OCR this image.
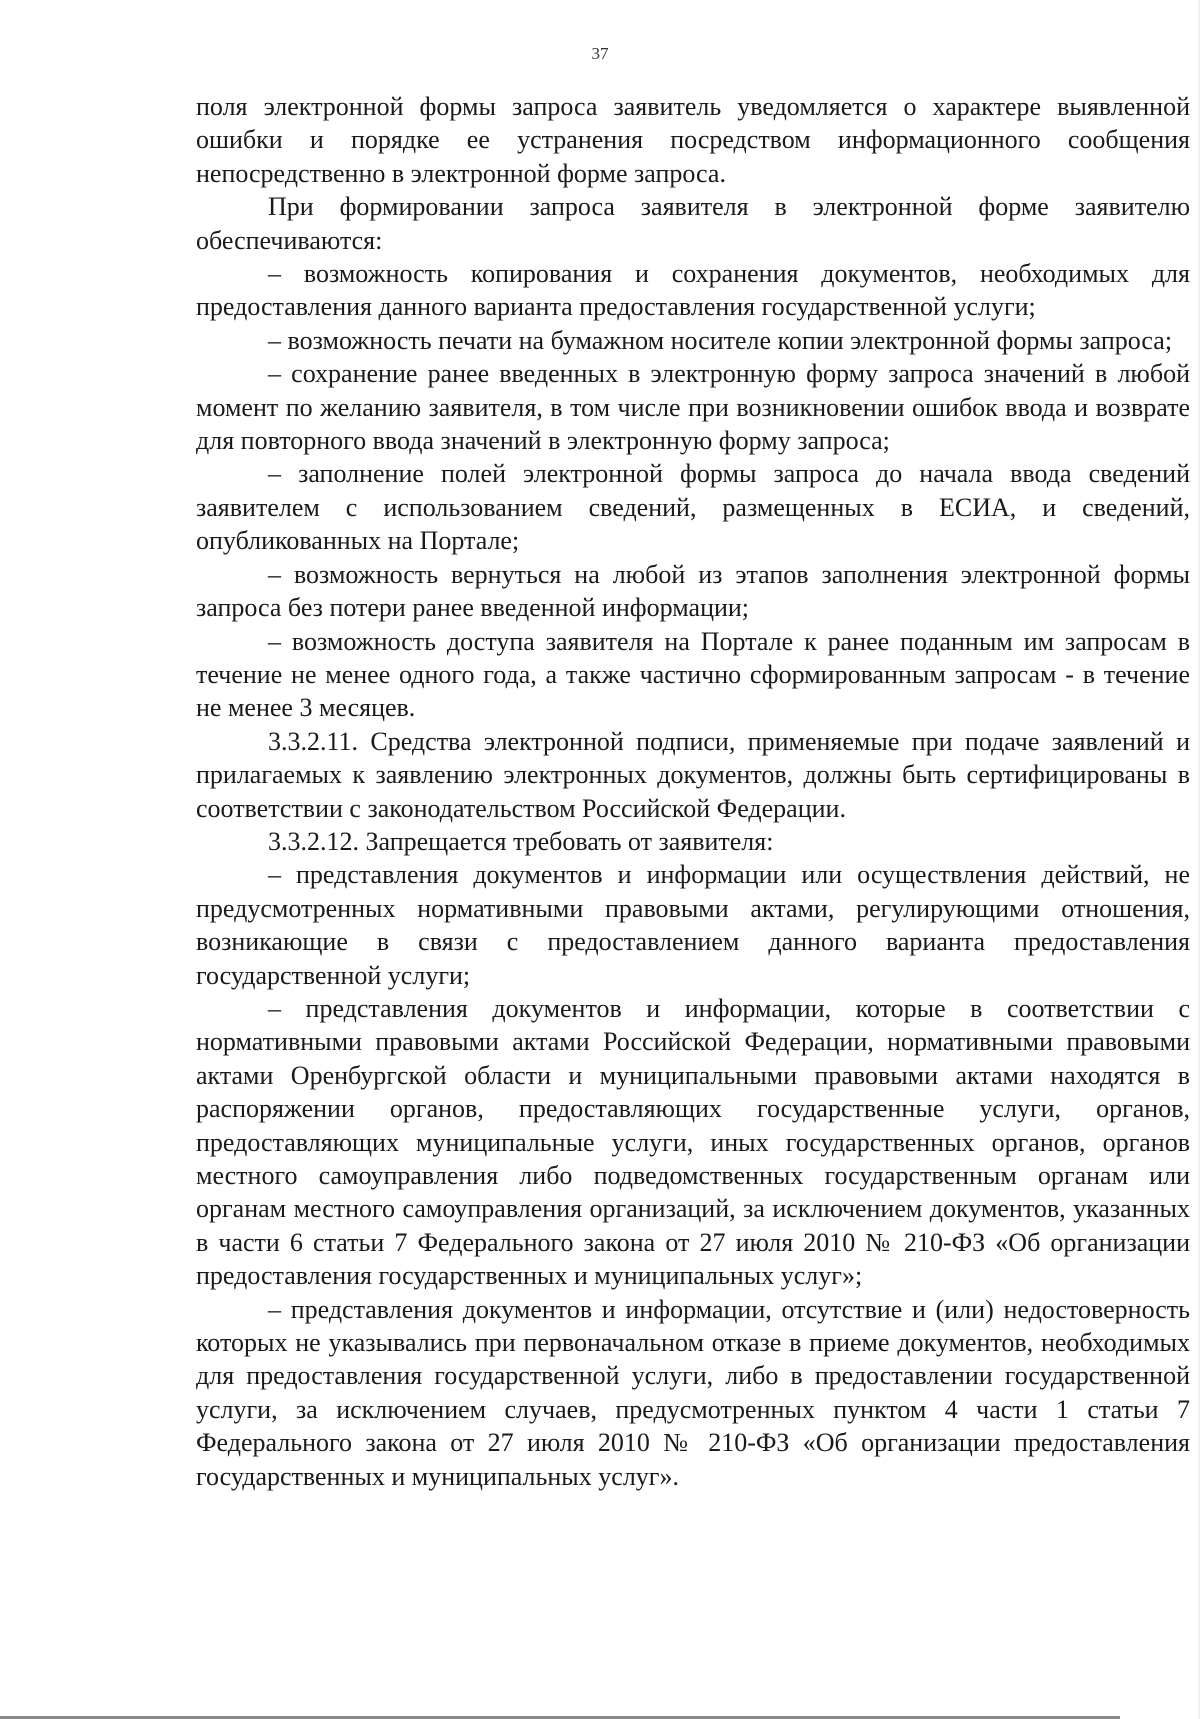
37

поля электронной формы запроса заявитель уведомляется о характере выявленной ошибки и порядке ее устранения посредством информационного сообщения непосредственно в электронной форме запроса.

При формировании запроса заявителя в электронной форме заявителю обеспечиваются:

– возможность копирования и сохранения документов, необходимых для предоставления данного варианта предоставления государственной услуги;

– возможность печати на бумажном носителе копии электронной формы запроса;

– сохранение ранее введенных в электронную форму запроса значений в любой момент по желанию заявителя, в том числе при возникновении ошибок ввода и возврате для повторного ввода значений в электронную форму запроса;

– заполнение полей электронной формы запроса до начала ввода сведений заявителем с использованием сведений, размещенных в ЕСИА, и сведений, опубликованных на Портале;

– возможность вернуться на любой из этапов заполнения электронной формы запроса без потери ранее введенной информации;

– возможность доступа заявителя на Портале к ранее поданным им запросам в течение не менее одного года, а также частично сформированным запросам - в течение не менее 3 месяцев.

3.3.2.11. Средства электронной подписи, применяемые при подаче заявлений и прилагаемых к заявлению электронных документов, должны быть сертифицированы в соответствии с законодательством Российской Федерации.

3.3.2.12. Запрещается требовать от заявителя:

– представления документов и информации или осуществления действий, не предусмотренных нормативными правовыми актами, регулирующими отношения, возникающие в связи с предоставлением данного варианта предоставления государственной услуги;

– представления документов и информации, которые в соответствии с нормативными правовыми актами Российской Федерации, нормативными правовыми актами Оренбургской области и муниципальными правовыми актами находятся в распоряжении органов, предоставляющих государственные услуги, органов, предоставляющих муниципальные услуги, иных государственных органов, органов местного самоуправления либо подведомственных государственным органам или органам местного самоуправления организаций, за исключением документов, указанных в части 6 статьи 7 Федерального закона от 27 июля 2010 № 210-ФЗ «Об организации предоставления государственных и муниципальных услуг»;

– представления документов и информации, отсутствие и (или) недостоверность которых не указывались при первоначальном отказе в приеме документов, необходимых для предоставления государственной услуги, либо в предоставлении государственной услуги, за исключением случаев, предусмотренных пунктом 4 части 1 статьи 7 Федерального закона от 27 июля 2010 № 210-ФЗ «Об организации предоставления государственных и муниципальных услуг».
